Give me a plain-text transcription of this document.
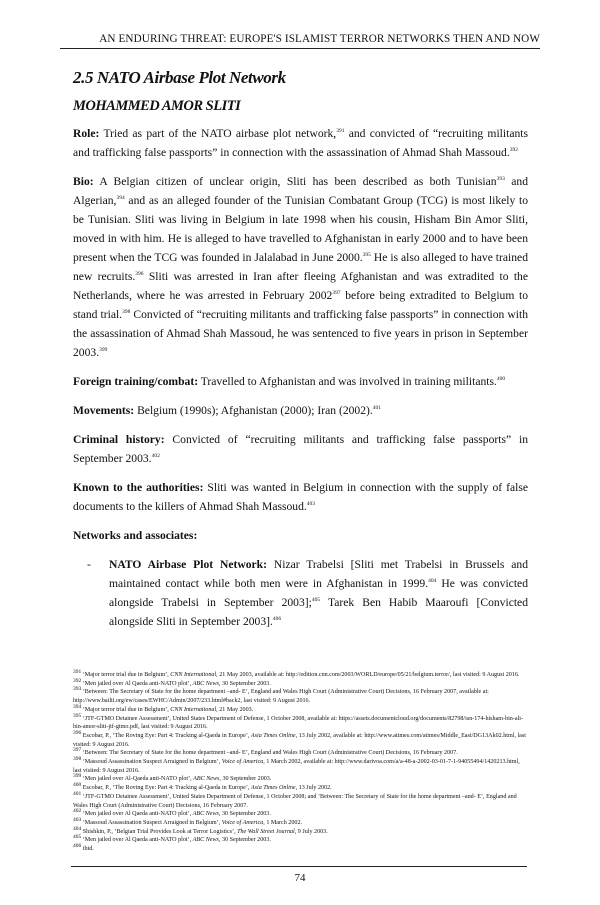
AN ENDURING THREAT: EUROPE'S ISLAMIST TERROR NETWORKS THEN AND NOW
2.5 NATO Airbase Plot Network
MOHAMMED AMOR SLITI

Role: Tried as part of the NATO airbase plot network,$^{391}$ and convicted of “recruiting militants and trafficking false passports” in connection with the assassination of Ahmad Shah Massoud.$^{392}$

Bio: A Belgian citizen of unclear origin, Sliti has been described as both Tunisian$^{393}$ and Algerian,$^{394}$ and as an alleged founder of the Tunisian Combatant Group (TCG) is most likely to be Tunisian. Sliti was living in Belgium in late 1998 when his cousin, Hisham Bin Amor Sliti, moved in with him. He is alleged to have travelled to Afghanistan in early 2000 and to have been present when the TCG was founded in Jalalabad in June 2000.$^{395}$ He is also alleged to have trained new recruits.$^{396}$ Sliti was arrested in Iran after fleeing Afghanistan and was extradited to the Netherlands, where he was arrested in February 2002$^{397}$ before being extradited to Belgium to stand trial.$^{398}$ Convicted of “recruiting militants and trafficking false passports” in connection with the assassination of Ahmad Shah Massoud, he was sentenced to five years in prison in September 2003.$^{399}$

Foreign training/combat: Travelled to Afghanistan and was involved in training militants.$^{400}$

Movements: Belgium (1990s); Afghanistan (2000); Iran (2002).$^{401}$

Criminal history: Convicted of “recruiting militants and trafficking false passports” in September 2003.$^{402}$

Known to the authorities: Sliti was wanted in Belgium in connection with the supply of false documents to the killers of Ahmad Shah Massoud.$^{403}$

Networks and associates:

-	NATO Airbase Plot Network: Nizar Trabelsi [Sliti met Trabelsi in Brussels and maintained contact while both men were in Afghanistan in 1999.$^{404}$ He was convicted alongside Trabelsi in September 2003];$^{405}$ Tarek Ben Habib Maaroufi [Convicted alongside Sliti in September 2003].$^{406}$
$^{391}$ ‘Major terror trial due in Belgium’, CNN International, 21 May 2003, available at: http://edition.cnn.com/2003/WORLD/europe/05/21/belgium.terror/, last visited: 9 August 2016.
$^{392}$ ‘Men jailed over Al Qaeda anti-NATO plot’, ABC News, 30 September 2003.
$^{393}$ ‘Between: The Secretary of State for the home department –and- E’, England and Wales High Court (Administrative Court) Decisions, 16 February 2007, available at: http://www.bailii.org/ew/cases/EWHC/Admin/2007/233.html#back2, last visited: 9 August 2016.
$^{394}$ ‘Major terror trial due in Belgium’, CNN International, 21 May 2003.
$^{395}$ ‘JTF-GTMO Detainee Assessment’, United States Department of Defense, 1 October 2008, available at: https://assets.documentcloud.org/documents/82798/isn-174-hisham-bin-ali-bin-amor-sliti-jtf-gtmo.pdf, last visited: 9 August 2016.
$^{396}$ Escobar, P., ‘The Roving Eye: Part 4: Tracking al-Qaeda in Europe’, Asia Times Online, 13 July 2002, available at: http://www.atimes.com/atimes/Middle_East/DG13Ak02.html, last visited: 9 August 2016.
$^{397}$ ‘Between: The Secretary of State for the home department –and- E’, England and Wales High Court (Administrative Court) Decisions, 16 February 2007.
$^{398}$ ‘Massoud Assassination Suspect Arraigned in Belgium’, Voice of America, 1 March 2002, available at: http://www.darivoa.com/a/a-48-a-2002-03-01-7-1-94055494/1420213.html, last visited: 9 August 2016.
$^{399}$ ‘Men jailed over Al-Qaeda anti-NATO plot’, ABC News, 30 September 2003.
$^{400}$ Escobar, P., ‘The Roving Eye: Part 4: Tracking al-Qaeda in Europe’, Asia Times Online, 13 July 2002.
$^{401}$ ‘JTF-GTMO Detainee Assessment’, United States Department of Defense, 1 October 2008; and ‘Between: The Secretary of State for the home department –and- E’, England and Wales High Court (Administrative Court) Decisions, 16 February 2007.
$^{402}$ ‘Men jailed over Al Qaeda anti-NATO plot’, ABC News, 30 September 2003.
$^{403}$ ‘Massoud Assassination Suspect Arraigned in Belgium’, Voice of America, 1 March 2002.
$^{404}$ Shishkin, P., ‘Belgian Trial Provides Look at Terror Logistics’, The Wall Street Journal, 9 July 2003.
$^{405}$ ‘Men jailed over Al Qaeda anti-NATO plot’, ABC News, 30 September 2003.
$^{406}$ ibid.
74
